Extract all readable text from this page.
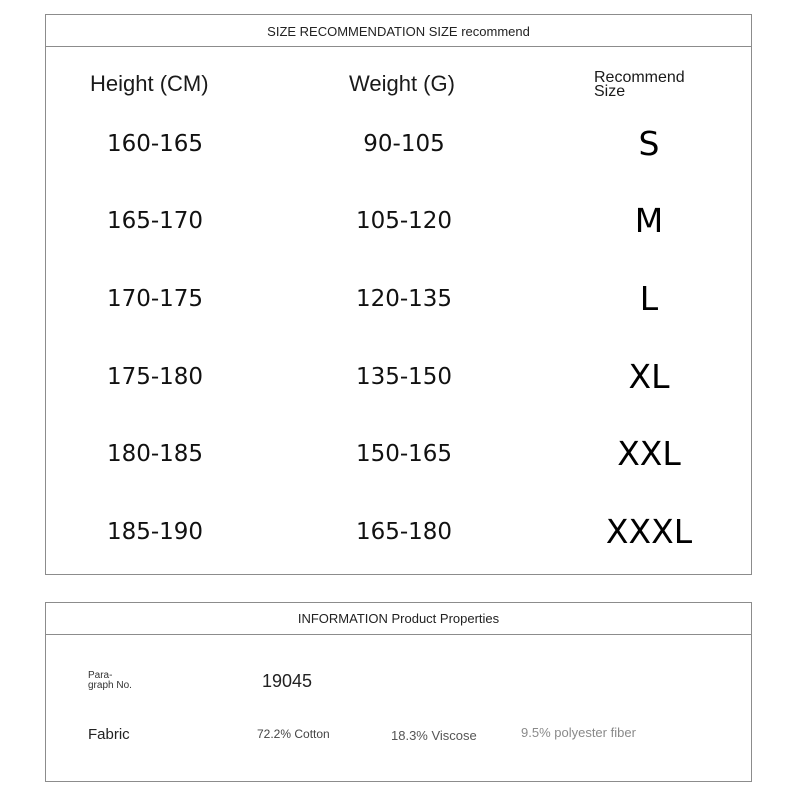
SIZE RECOMMENDATION SIZE recommend
Height (CM)	Weight (G)	Recommend
Size
160-165	90-105	S
165-170	105-120	M
170-175	120-135	L
175-180	135-150	XL
180-185	150-165	XXL
185-190	165-180	XXXL
INFORMATION Product Properties
Para-
graph No.	19045
Fabric	72.2% Cotton	18.3% Viscose	9.5% polyester fiber
